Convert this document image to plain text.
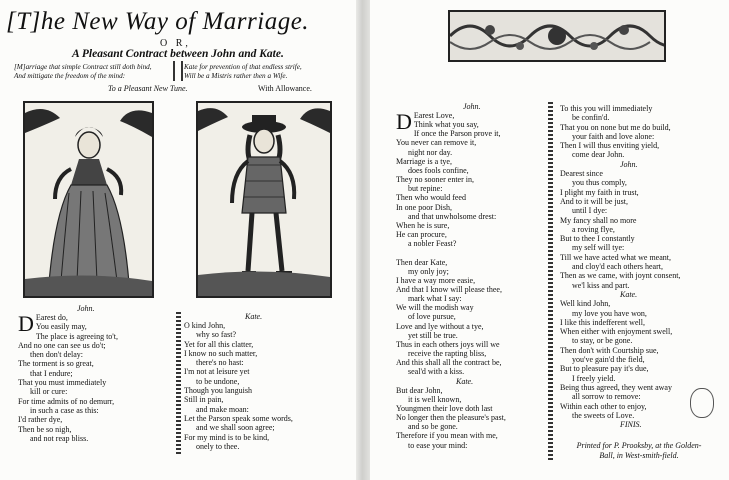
[T]he New Way of Marriage.
O R,
A Pleasant Contract between John and Kate.
[M]arriage that simple Contract still doth bind,
And mittigate the freedom of the mind:
Kate for prevention of that endless strife,
Will be a Mistris rather then a Wife.
To a Pleasant New Tune.	With Allowance.
John.
D Earest do,
You easily may,
The place is agreeing to't,
And no one can see us do't;
then don't delay:
The torment is so great,
that I endure;
That you must immediately
kill or cure:
For time admits of no demurr,
in such a case as this:
I'd rather dye,
Then be so nigh,
and not reap bliss.
Kate.
O kind John,
why so fast?
Yet for all this clatter,
I know no such matter,
there's no hast:
I'm not at leisure yet
to be undone,
Though you languish
Still in pain,
and make moan:
Let the Parson speak some words,
and we shall soon agree;
For my mind is to be kind,
onely to thee.
John.
D Earest Love,
Think what you say,
If once the Parson prove it,
You never can remove it,
night nor day.
Marriage is a tye,
does fools confine,
They no sooner enter in,
but repine:
Then who would feed
In one poor Dish,
and that unwholsome drest:
When he is sure,
He can procure,
a nobler Feast?

Then dear Kate,
my only joy;
I have a way more easie,
And that I know will please thee,
mark what I say:
We will the modish way
of love pursue,
Love and lye without a tye,
yet still be true.
Thus in each others joys will we
receive the rapting bliss,
And this shall all the contract be,
seal'd with a kiss.
Kate.
But dear John,
it is well known,
Youngmen their love doth last
No longer then the pleasure's past,
and so be gone.
Therefore if you mean with me,
to ease your mind:
To this you will immediately
be confin'd.
That you on none but me do build,
your faith and love alone:
Then I will thus enviting yield,
come dear John.
John.
Dearest since
you thus comply,
I plight my faith in trust,
And to it will be just,
until I dye:
My fancy shall no more
a roving flye,
But to thee I constantly
my self will tye:
Till we have acted what we meant,
and cloy'd each others heart,
Then as we came, with joynt consent,
we'l kiss and part.
Kate.
Well kind John,
my love you have won,
I like this indefferent well,
When either with enjoyment swell,
to stay, or be gone.
Then don't with Courtship sue,
you've gain'd the field,
But to pleasure pay it's due,
I freely yield.
Being thus agreed, they went away
all sorrow to remove:
Within each other to enjoy,
the sweets of Love.
FINIS.
Printed for P. Prooksby, at the Golden-
Ball, in West-smith-field.
